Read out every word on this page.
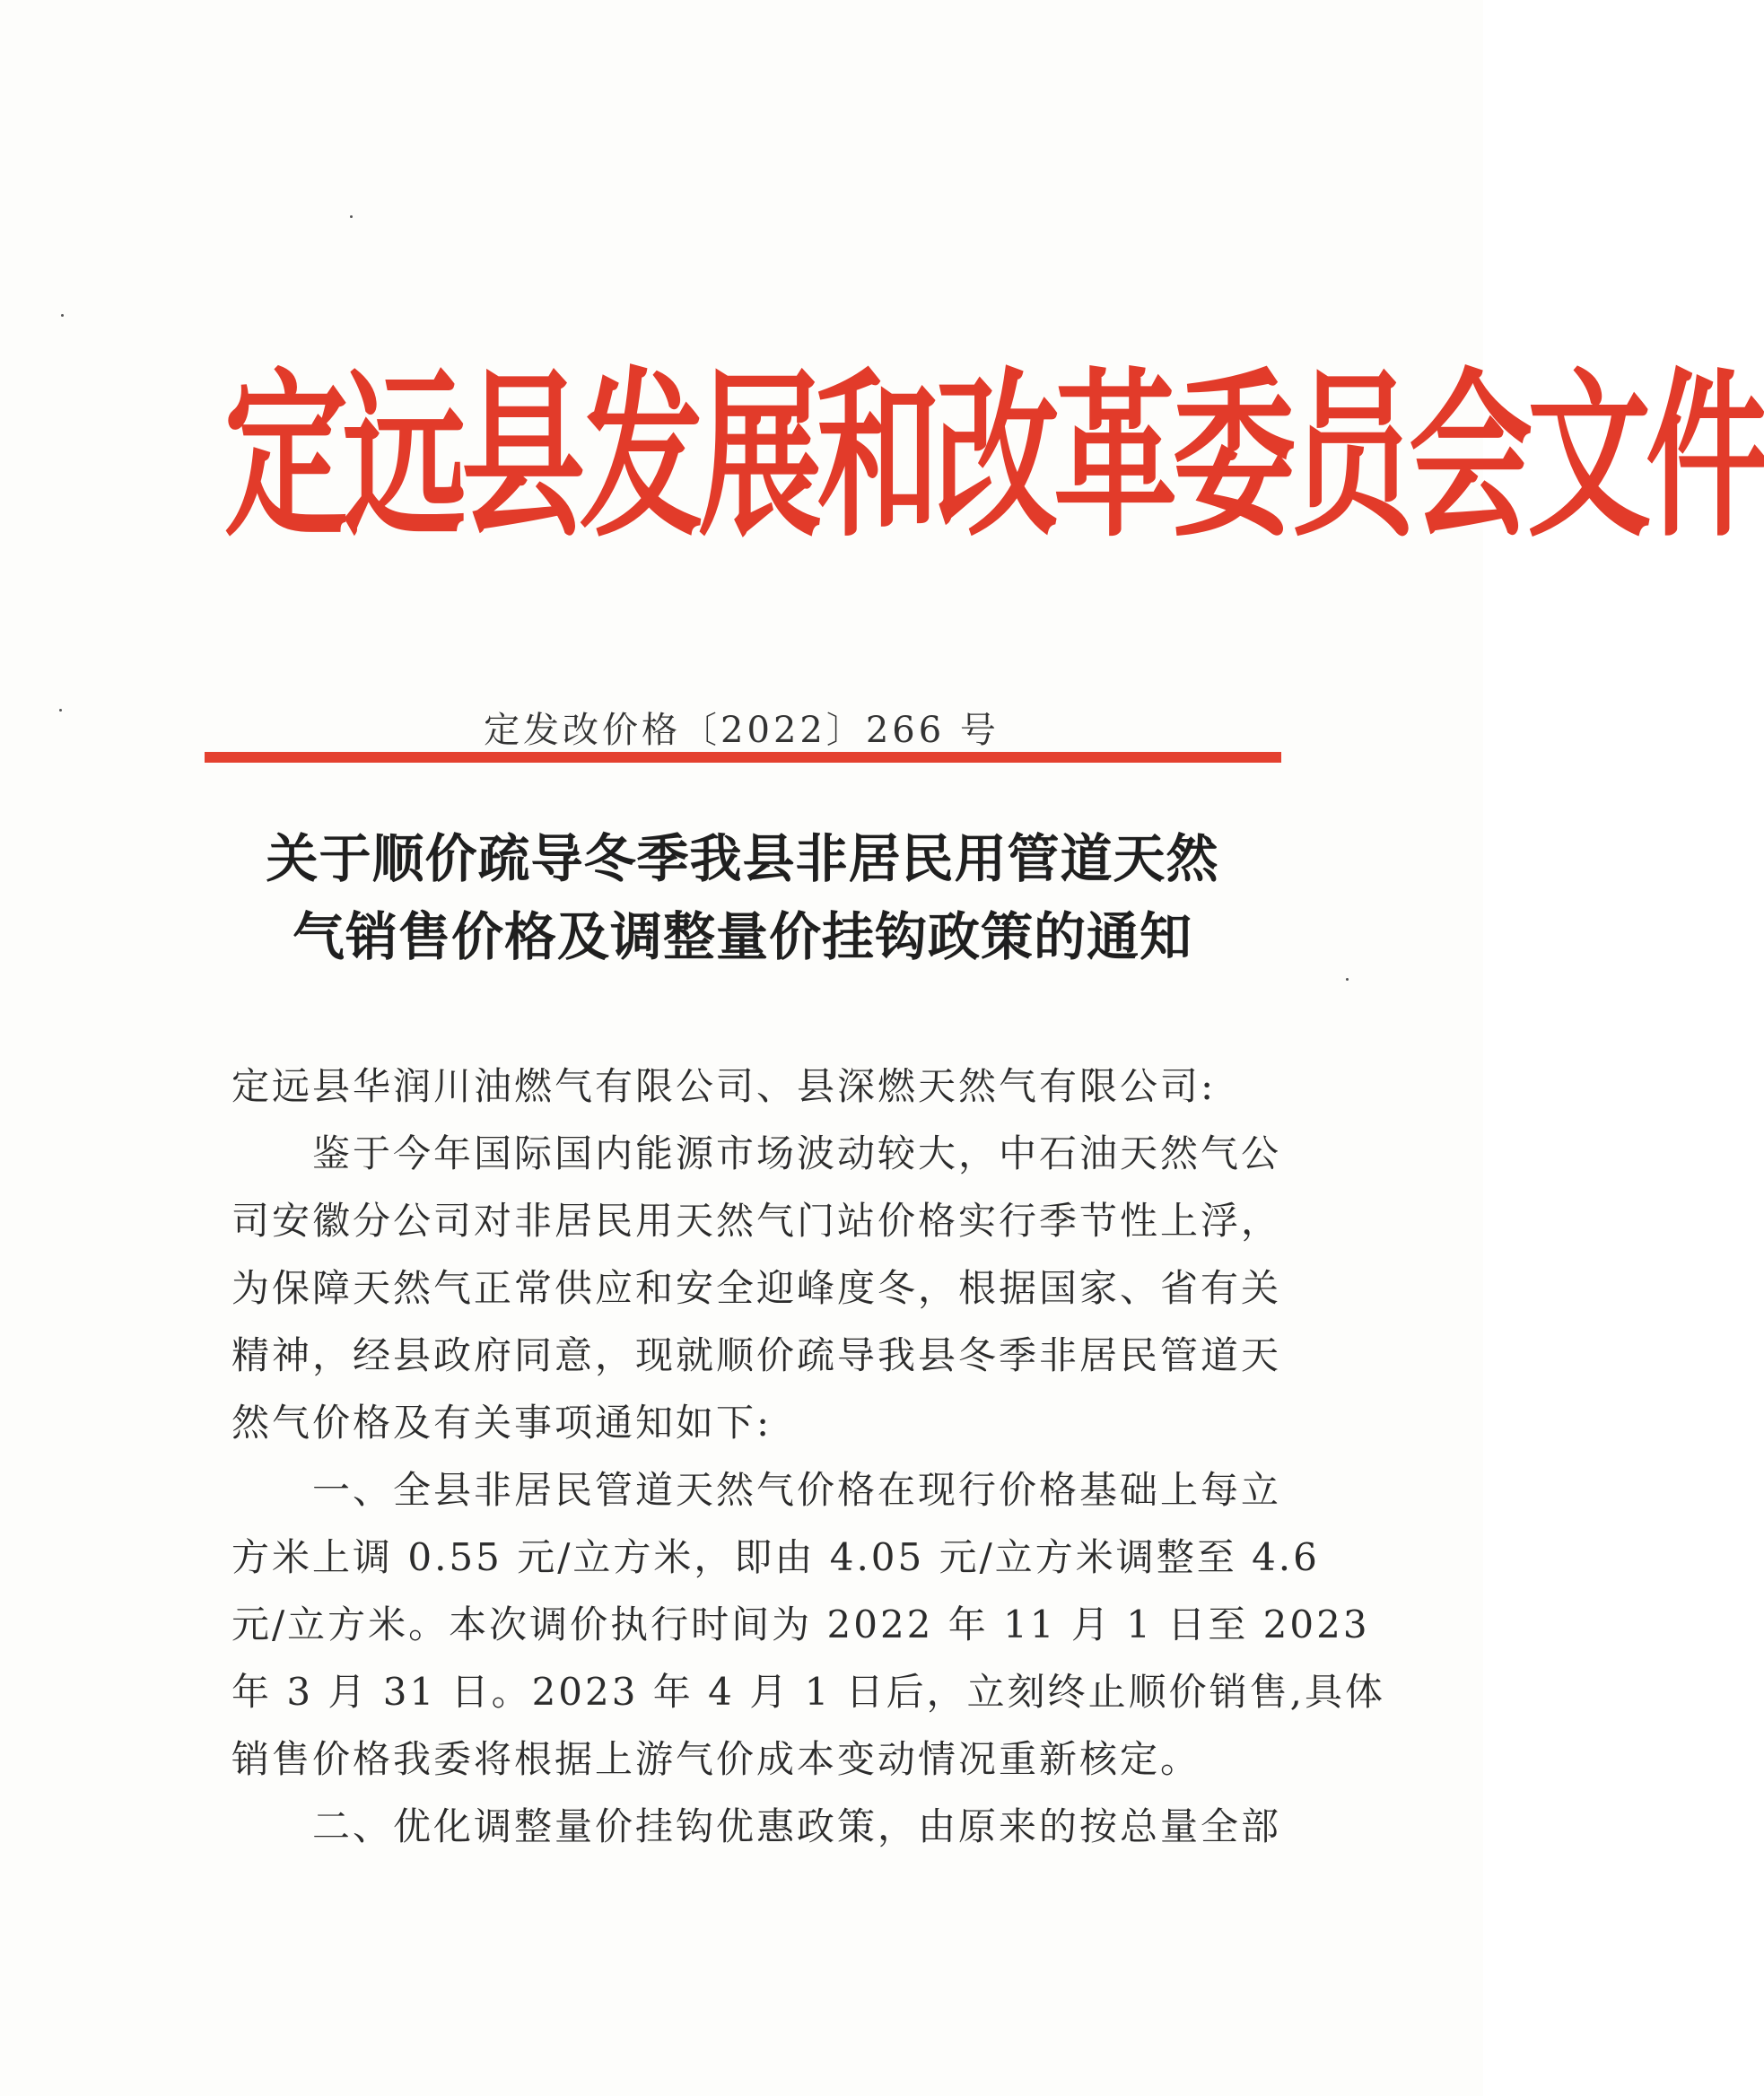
定 远 县 发 展 和 改 革 委 员 会 文 件
定发改价格〔2022〕266 号
关于顺价疏导冬季我县非居民用管道天然
气销售价格及调整量价挂钩政策的通知
定远县华润川油燃气有限公司、县深燃天然气有限公司:
　　鉴于今年国际国内能源市场波动较大，中石油天然气公
司安徽分公司对非居民用天然气门站价格实行季节性上浮，
为保障天然气正常供应和安全迎峰度冬，根据国家、省有关
精神，经县政府同意，现就顺价疏导我县冬季非居民管道天
然气价格及有关事项通知如下:
　　一、全县非居民管道天然气价格在现行价格基础上每立
方米上调 0.55 元/立方米，即由 4.05 元/立方米调整至 4.6
元/立方米。本次调价执行时间为 2022 年 11 月 1 日至 2023
年 3 月 31 日。2023 年 4 月 1 日后，立刻终止顺价销售,具体
销售价格我委将根据上游气价成本变动情况重新核定。
　　二、优化调整量价挂钩优惠政策，由原来的按总量全部
